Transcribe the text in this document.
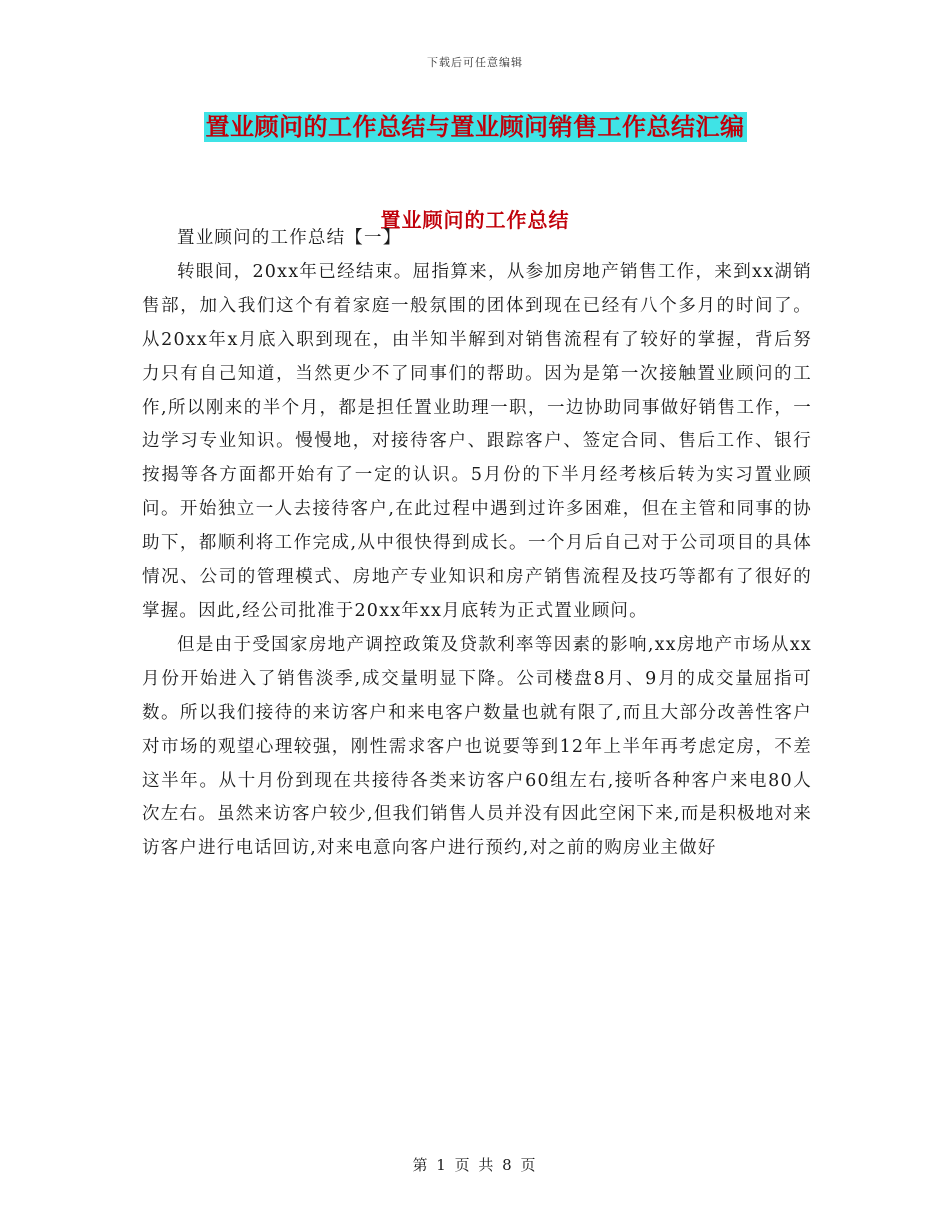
下载后可任意编辑
置业顾问的工作总结与置业顾问销售工作总结汇编
置业顾问的工作总结

置业顾问的工作总结【一】

转眼间，20xx年已经结束。屈指算来，从参加房地产销售工作，来到xx湖销售部，加入我们这个有着家庭一般氛围的团体到现在已经有八个多月的时间了。从20xx年x月底入职到现在，由半知半解到对销售流程有了较好的掌握，背后努力只有自己知道，当然更少不了同事们的帮助。因为是第一次接触置业顾问的工作,所以刚来的半个月，都是担任置业助理一职，一边协助同事做好销售工作，一边学习专业知识。慢慢地，对接待客户、跟踪客户、签定合同、售后工作、银行按揭等各方面都开始有了一定的认识。5月份的下半月经考核后转为实习置业顾问。开始独立一人去接待客户,在此过程中遇到过许多困难，但在主管和同事的协助下，都顺利将工作完成,从中很快得到成长。一个月后自己对于公司项目的具体情况、公司的管理模式、房地产专业知识和房产销售流程及技巧等都有了很好的掌握。因此,经公司批准于20xx年xx月底转为正式置业顾问。

但是由于受国家房地产调控政策及贷款利率等因素的影响,xx房地产市场从xx月份开始进入了销售淡季,成交量明显下降。公司楼盘8月、9月的成交量屈指可数。所以我们接待的来访客户和来电客户数量也就有限了,而且大部分改善性客户对市场的观望心理较强，刚性需求客户也说要等到12年上半年再考虑定房，不差这半年。从十月份到现在共接待各类来访客户60组左右,接听各种客户来电80人次左右。虽然来访客户较少,但我们销售人员并没有因此空闲下来,而是积极地对来访客户进行电话回访,对来电意向客户进行预约,对之前的购房业主做好

第 1 页 共 8 页
